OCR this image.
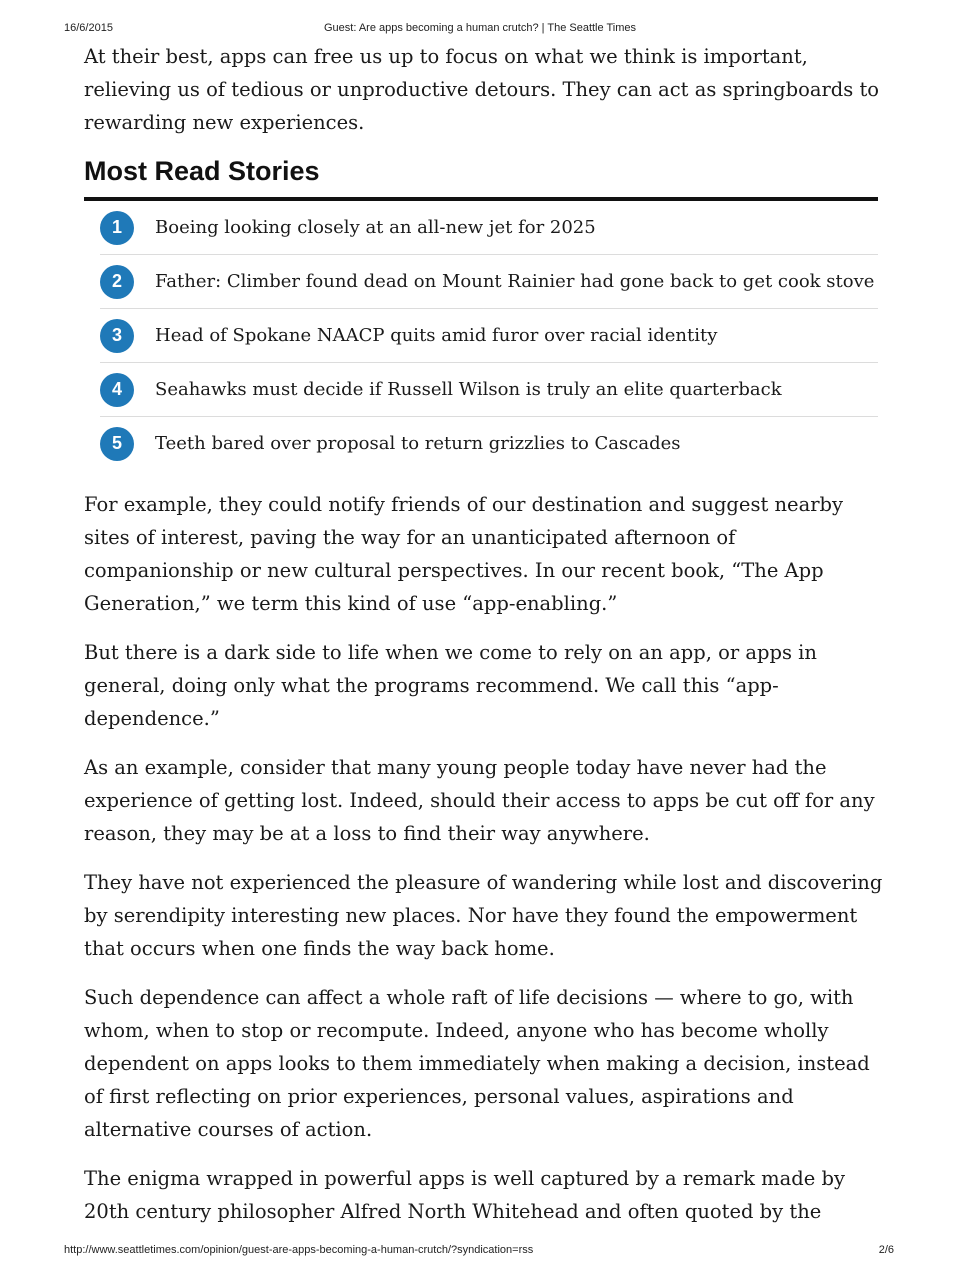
16/6/2015	Guest: Are apps becoming a human crutch? | The Seattle Times

At their best, apps can free us up to focus on what we think is important, relieving us of tedious or unproductive detours. They can act as springboards to rewarding new experiences.

Most Read Stories
1	Boeing looking closely at an all-new jet for 2025
2	Father: Climber found dead on Mount Rainier had gone back to get cook stove
3	Head of Spokane NAACP quits amid furor over racial identity
4	Seahawks must decide if Russell Wilson is truly an elite quarterback
5	Teeth bared over proposal to return grizzlies to Cascades

For example, they could notify friends of our destination and suggest nearby sites of interest, paving the way for an unanticipated afternoon of companionship or new cultural perspectives. In our recent book, “The App Generation,” we term this kind of use “app-enabling.”

But there is a dark side to life when we come to rely on an app, or apps in general, doing only what the programs recommend. We call this “app-dependence.”

As an example, consider that many young people today have never had the experience of getting lost. Indeed, should their access to apps be cut off for any reason, they may be at a loss to find their way anywhere.

They have not experienced the pleasure of wandering while lost and discovering by serendipity interesting new places. Nor have they found the empowerment that occurs when one finds the way back home.

Such dependence can affect a whole raft of life decisions — where to go, with whom, when to stop or recompute. Indeed, anyone who has become wholly dependent on apps looks to them immediately when making a decision, instead of first reflecting on prior experiences, personal values, aspirations and alternative courses of action.

The enigma wrapped in powerful apps is well captured by a remark made by 20th century philosopher Alfred North Whitehead and often quoted by the

http://www.seattletimes.com/opinion/guest-are-apps-becoming-a-human-crutch/?syndication=rss	2/6
